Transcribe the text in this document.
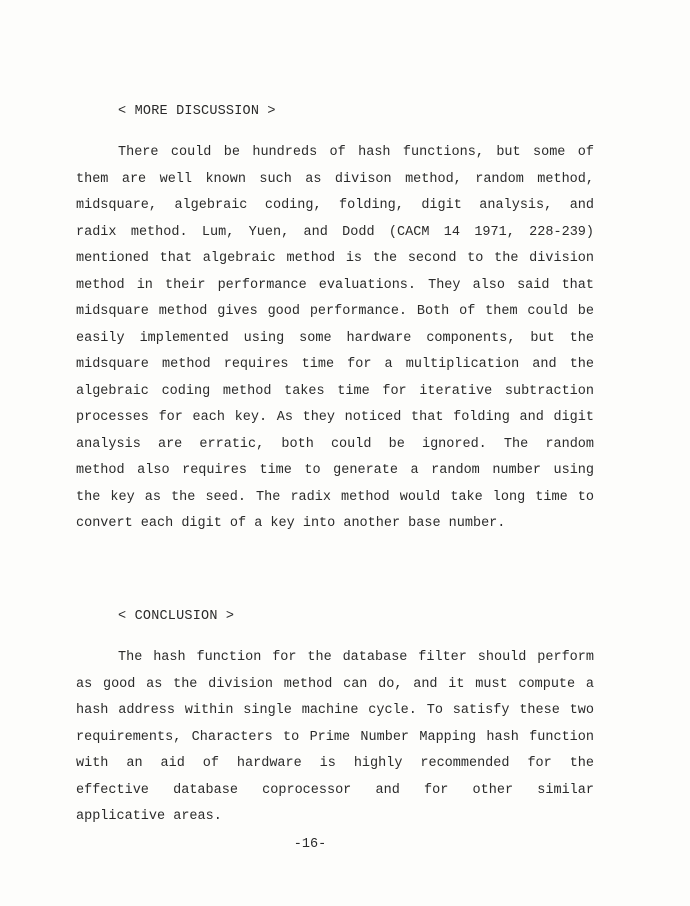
< MORE DISCUSSION >
There could be hundreds of hash functions, but some of
them are well known such as divison method, random method,
midsquare, algebraic coding, folding, digit analysis, and
radix method. Lum, Yuen, and Dodd (CACM 14 1971, 228-239)
mentioned that algebraic method is the second to the division
method in their performance evaluations. They also said that
midsquare method gives good performance. Both of them could be
easily implemented using some hardware components, but the
midsquare method requires time for a multiplication and the
algebraic coding method takes time for iterative subtraction
processes for each key. As they noticed that folding and digit
analysis are erratic, both could be ignored. The random
method also requires time to generate a random number using
the key as the seed. The radix method would take long time to
convert each digit of a key into another base number.
< CONCLUSION >
The hash function for the database filter should perform
as good as the division method can do, and it must compute a
hash address within single machine cycle. To satisfy these two
requirements, Characters to Prime Number Mapping hash function
with an aid of hardware is highly recommended for the
effective database coprocessor and for other similar
applicative areas.
-16-
